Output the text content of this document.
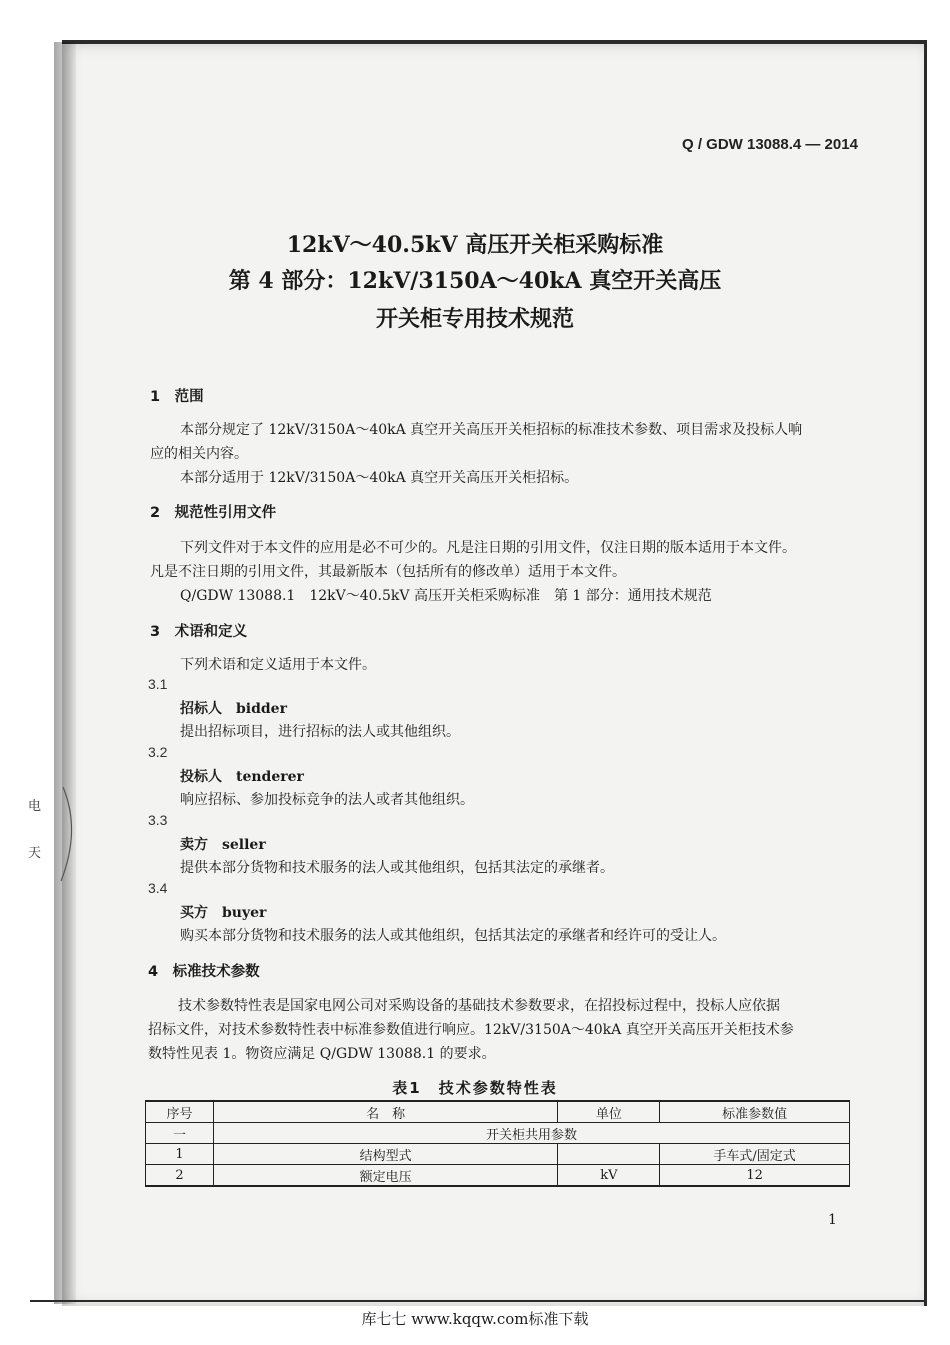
Q / GDW 13088.4 — 2014
12kV～40.5kV 高压开关柜采购标准
第 4 部分：12kV/3150A～40kA 真空开关高压
开关柜专用技术规范
1　范围
本部分规定了 12kV/3150A～40kA 真空开关高压开关柜招标的标准技术参数、项目需求及投标人响
应的相关内容。
本部分适用于 12kV/3150A～40kA 真空开关高压开关柜招标。
2　规范性引用文件
下列文件对于本文件的应用是必不可少的。凡是注日期的引用文件，仅注日期的版本适用于本文件。
凡是不注日期的引用文件，其最新版本（包括所有的修改单）适用于本文件。
Q/GDW 13088.1　12kV～40.5kV 高压开关柜采购标准　第 1 部分：通用技术规范
3　术语和定义
下列术语和定义适用于本文件。
3.1
招标人　bidder
提出招标项目，进行招标的法人或其他组织。
3.2
投标人　tenderer
响应招标、参加投标竞争的法人或者其他组织。
3.3
卖方　seller
提供本部分货物和技术服务的法人或其他组织，包括其法定的承继者。
3.4
买方　buyer
购买本部分货物和技术服务的法人或其他组织，包括其法定的承继者和经许可的受让人。
4　标准技术参数
技术参数特性表是国家电网公司对采购设备的基础技术参数要求，在招投标过程中，投标人应依据
招标文件，对技术参数特性表中标准参数值进行响应。12kV/3150A～40kA 真空开关高压开关柜技术参
数特性见表 1。物资应满足 Q/GDW 13088.1 的要求。
表1　技术参数特性表
序号	名　称	单位	标准参数值
一	开关柜共用参数		
1	结构型式		手车式/固定式
2	额定电压	kV	12
1
电
天
库七七 www.kqqw.com标准下载
